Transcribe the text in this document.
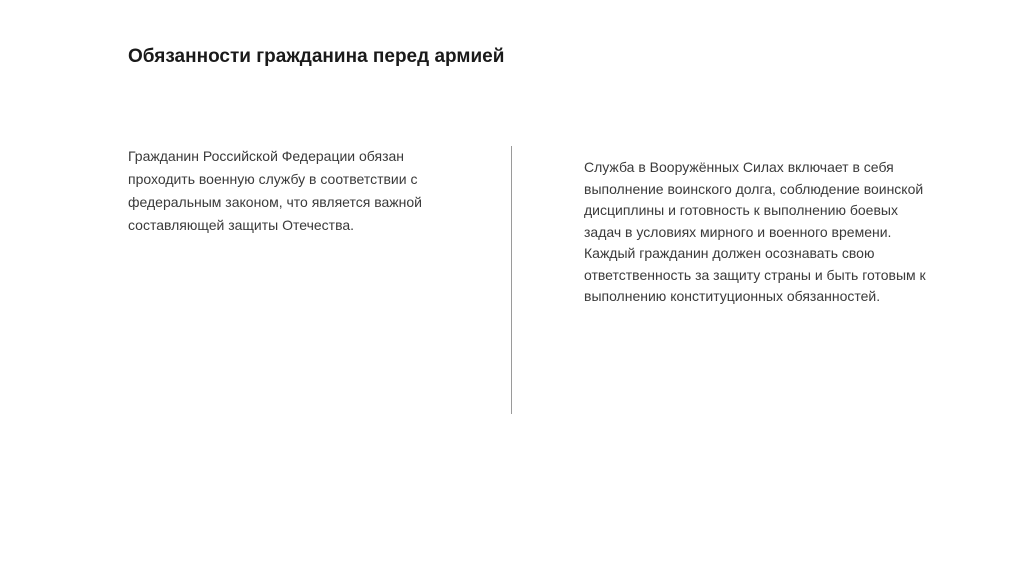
Обязанности гражданина перед армией

Гражданин Российской Федерации обязан проходить военную службу в соответствии с федеральным законом, что является важной составляющей защиты Отечества.

Служба в Вооружённых Силах включает в себя выполнение воинского долга, соблюдение воинской дисциплины и готовность к выполнению боевых задач в условиях мирного и военного времени. Каждый гражданин должен осознавать свою ответственность за защиту страны и быть готовым к выполнению конституционных обязанностей.
